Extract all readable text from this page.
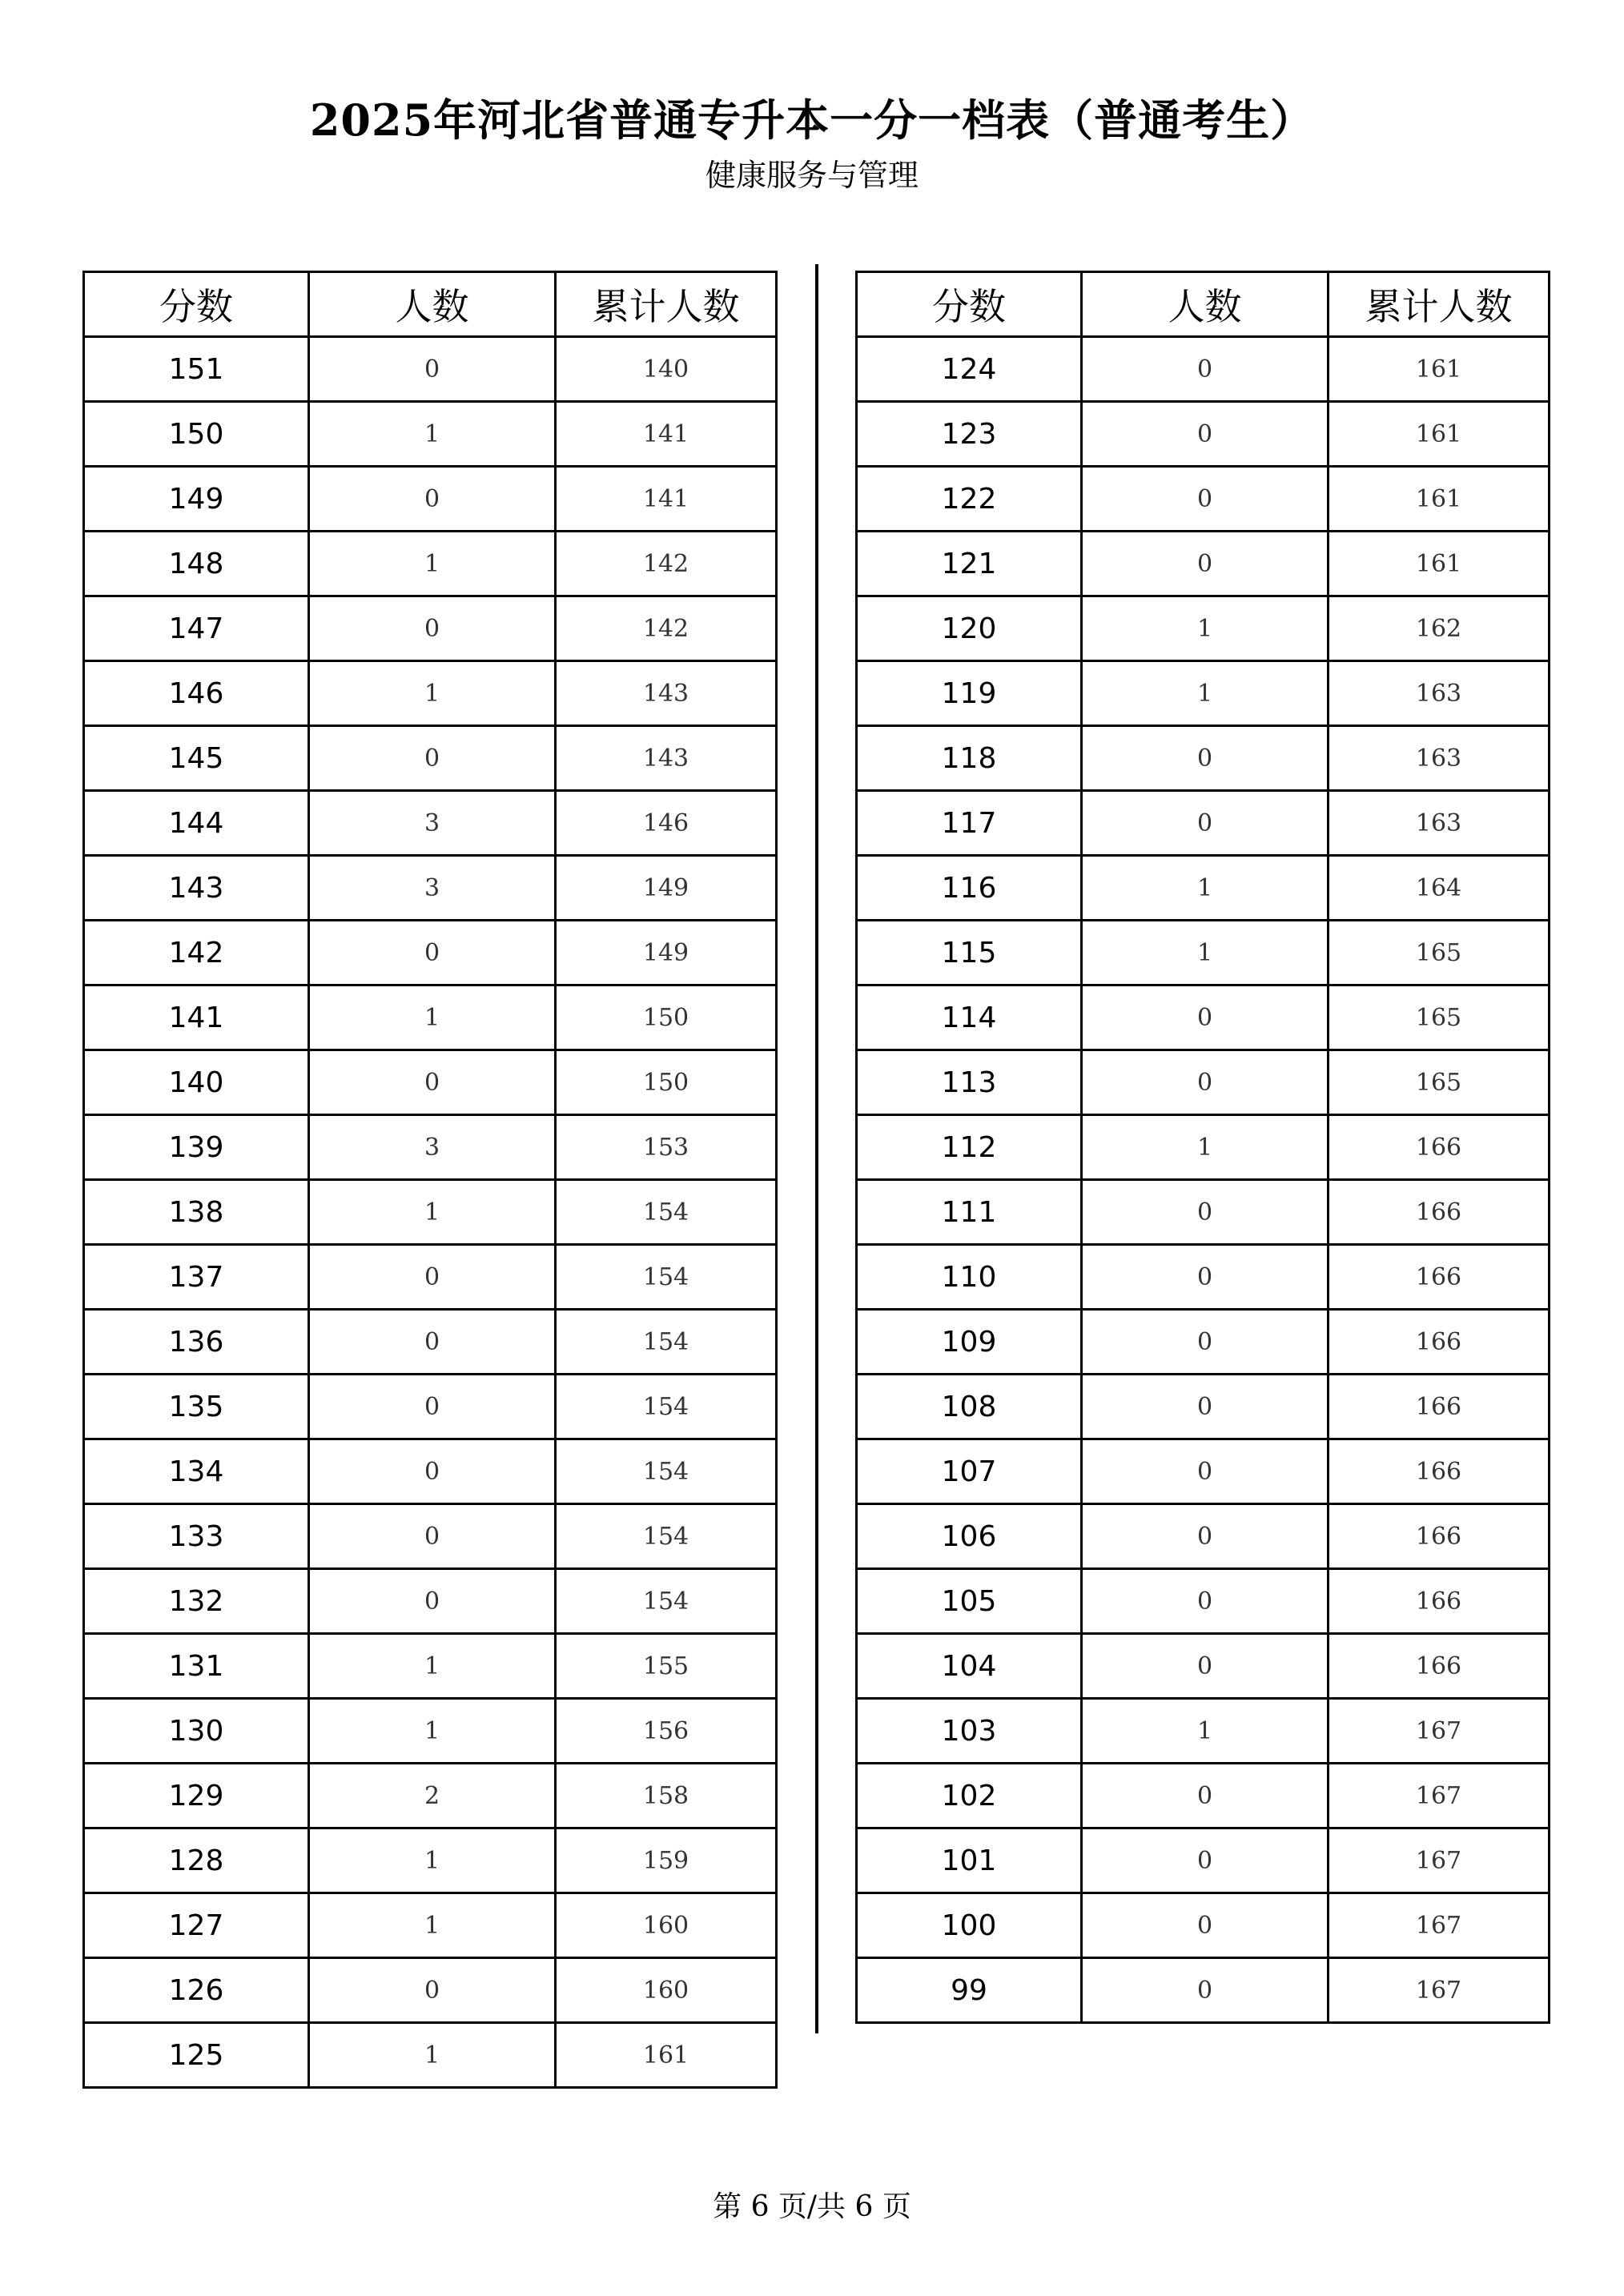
2025年河北省普通专升本一分一档表（普通考生）
健康服务与管理
分数	人数	累计人数
151	0	140
150	1	141
149	0	141
148	1	142
147	0	142
146	1	143
145	0	143
144	3	146
143	3	149
142	0	149
141	1	150
140	0	150
139	3	153
138	1	154
137	0	154
136	0	154
135	0	154
134	0	154
133	0	154
132	0	154
131	1	155
130	1	156
129	2	158
128	1	159
127	1	160
126	0	160
125	1	161
分数	人数	累计人数
124	0	161
123	0	161
122	0	161
121	0	161
120	1	162
119	1	163
118	0	163
117	0	163
116	1	164
115	1	165
114	0	165
113	0	165
112	1	166
111	0	166
110	0	166
109	0	166
108	0	166
107	0	166
106	0	166
105	0	166
104	0	166
103	1	167
102	0	167
101	0	167
100	0	167
99	0	167
第 6 页/共 6 页
